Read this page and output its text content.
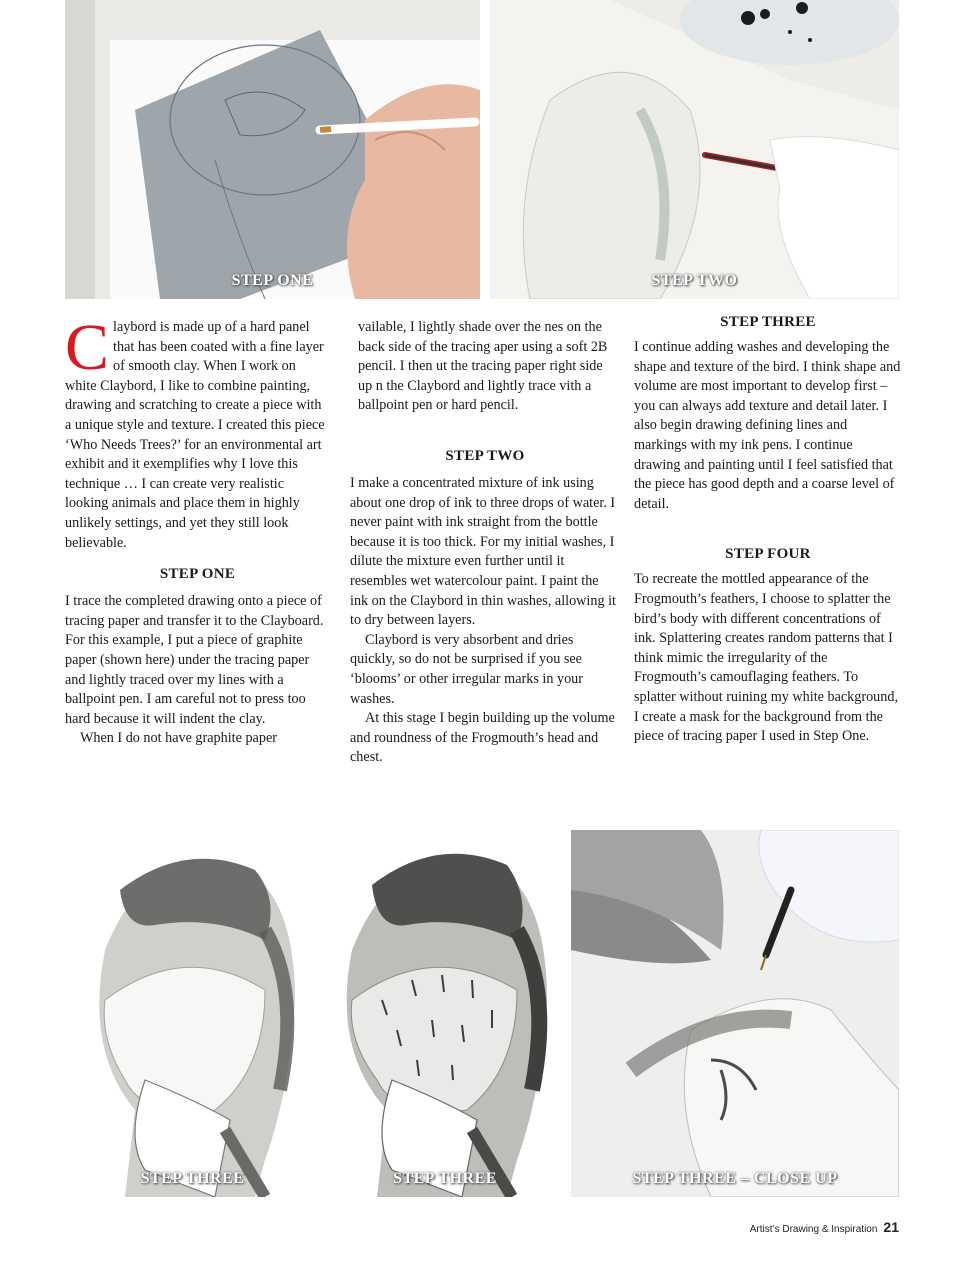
STEP ONE	STEP TWO

Claybord is made up of a hard panel that has been coated with a fine layer of smooth clay. When I work on white Claybord, I like to combine painting, drawing and scratching to create a piece with a unique style and texture. I created this piece ‘Who Needs Trees?’ for an environmental art exhibit and it exemplifies why I love this technique … I can create very realistic looking animals and place them in highly unlikely settings, and yet they still look believable.

STEP ONE

I trace the completed drawing onto a piece of tracing paper and transfer it to the Clayboard. For this example, I put a piece of graphite paper (shown here) under the tracing paper and lightly traced over my lines with a ballpoint pen. I am careful not to press too hard because it will indent the clay.

When I do not have graphite paper

vailable, I lightly shade over the nes on the back side of the tracing aper using a soft 2B pencil. I then ut the tracing paper right side up n the Claybord and lightly trace vith a ballpoint pen or hard pencil.

STEP TWO

I make a concentrated mixture of ink using about one drop of ink to three drops of water. I never paint with ink straight from the bottle because it is too thick. For my initial washes, I dilute the mixture even further until it resembles wet watercolour paint. I paint the ink on the Claybord in thin washes, allowing it to dry between layers.

Claybord is very absorbent and dries quickly, so do not be surprised if you see ‘blooms’ or other irregular marks in your washes.

At this stage I begin building up the volume and roundness of the Frogmouth’s head and chest.

STEP THREE

I continue adding washes and developing the shape and texture of the bird. I think shape and volume are most important to develop first – you can always add texture and detail later. I also begin drawing defining lines and markings with my ink pens. I continue drawing and painting until I feel satisfied that the piece has good depth and a coarse level of detail.

STEP FOUR

To recreate the mottled appearance of the Frogmouth’s feathers, I choose to splatter the bird’s body with different concentrations of ink. Splattering creates random patterns that I think mimic the irregularity of the Frogmouth’s camouflaging feathers. To splatter without ruining my white background, I create a mask for the background from the piece of tracing paper I used in Step One.

STEP THREE	STEP THREE	STEP THREE – CLOSE UP
Artist’s Drawing & Inspiration 21
